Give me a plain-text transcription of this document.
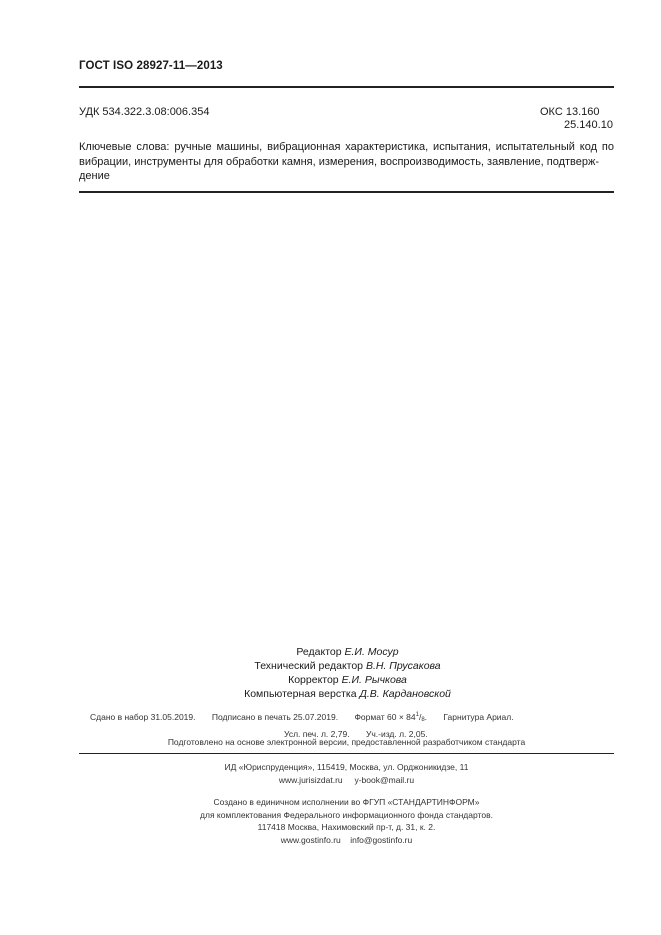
ГОСТ ISO 28927-11—2013
УДК 534.322.3.08:006.354	ОКС 13.160
25.140.10
Ключевые слова: ручные машины, вибрационная характеристика, испытания, испытательный код по вибрации, инструменты для обработки камня, измерения, воспроизводимость, заявление, подтверж-
дение
Редактор Е.И. Мосур
Технический редактор В.Н. Прусакова
Корректор Е.И. Рычкова
Компьютерная верстка Д.В. Кардановской
Сдано в набор 31.05.2019. Подписано в печать 25.07.2019. Формат $60 \times 84^1/_8$. Гарнитура Ариал.
Усл. печ. л. 2,79. Уч.-изд. л. 2,05.
Подготовлено на основе электронной версии, предоставленной разработчиком стандарта
ИД «Юриспруденция», 115419, Москва, ул. Орджоникидзе, 11
www.jurisizdat.ru y-book@mail.ru
Создано в единичном исполнении во ФГУП «СТАНДАРТИНФОРМ»
для комплектования Федерального информационного фонда стандартов.
117418 Москва, Нахимовский пр-т, д. 31, к. 2.
www.gostinfo.ru info@gostinfo.ru
